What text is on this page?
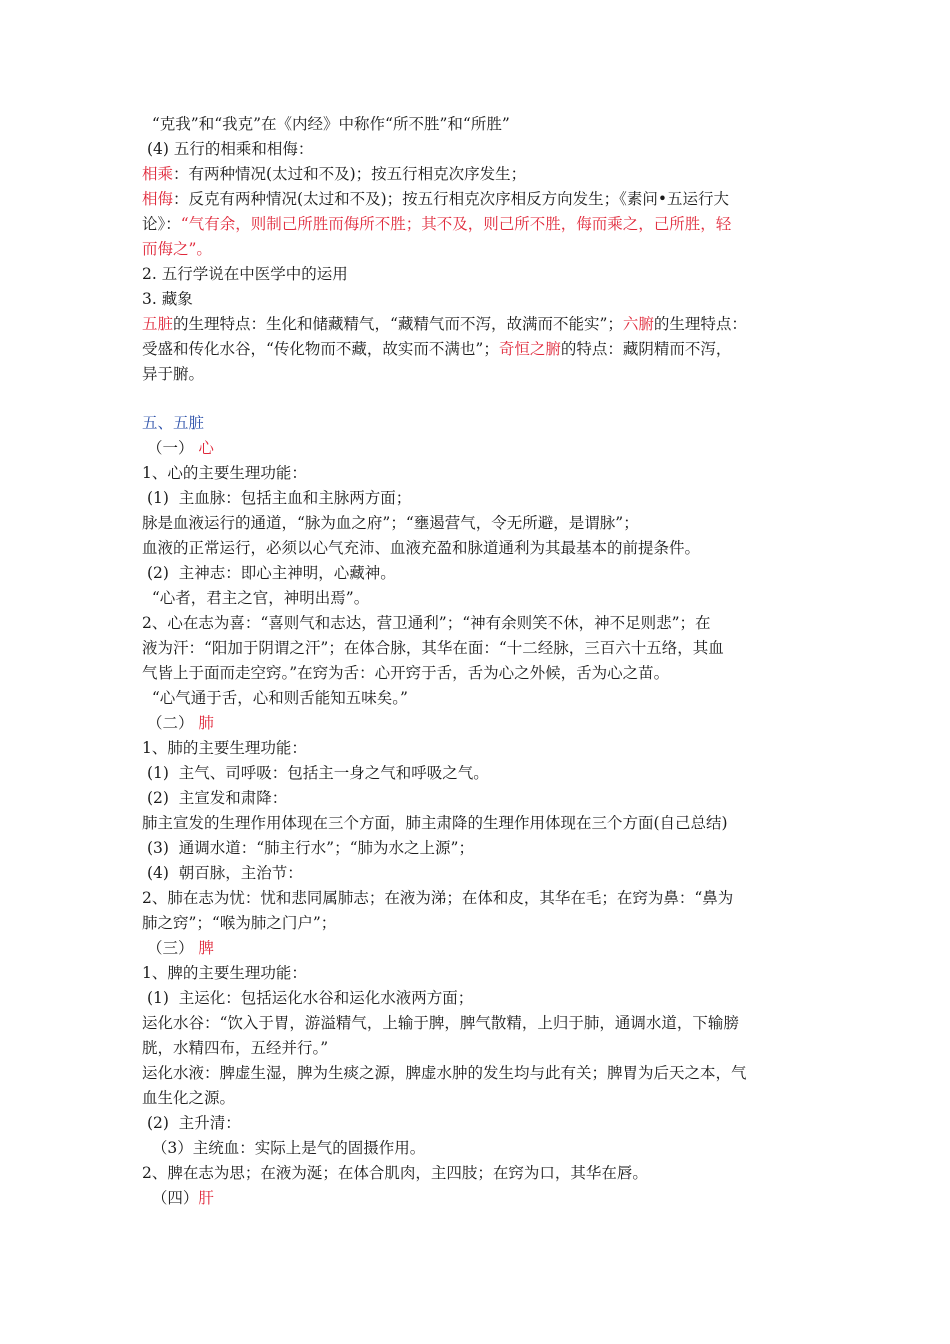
“克我”和“我克”在《内经》中称作“所不胜”和“所胜”

(4) 五行的相乘和相侮：

相乘：有两种情况(太过和不及)；按五行相克次序发生；

相侮：反克有两种情况(太过和不及)；按五行相克次序相反方向发生；《素问•五运行大

论》：“气有余，则制己所胜而侮所不胜；其不及，则己所不胜，侮而乘之，己所胜，轻

而侮之”。

2. 五行学说在中医学中的运用

3. 藏象

五脏的生理特点：生化和储藏精气，“藏精气而不泻，故满而不能实”；六腑的生理特点：

受盛和传化水谷，“传化物而不藏，故实而不满也”；奇恒之腑的特点：藏阴精而不泻，

异于腑。

五、五脏

（一） 心

1、心的主要生理功能：

(1)  主血脉：包括主血和主脉两方面；

脉是血液运行的通道，“脉为血之府”；“壅遏营气，令无所避，是谓脉”；

血液的正常运行，必须以心气充沛、血液充盈和脉道通利为其最基本的前提条件。

(2)  主神志：即心主神明，心藏神。

“心者，君主之官，神明出焉”。

2、心在志为喜：“喜则气和志达，营卫通利”；“神有余则笑不休，神不足则悲”；在

液为汗：“阳加于阴谓之汗”；在体合脉，其华在面：“十二经脉，三百六十五络，其血

气皆上于面而走空窍。”在窍为舌：心开窍于舌，舌为心之外候，舌为心之苗。

“心气通于舌，心和则舌能知五味矣。”

（二） 肺

1、肺的主要生理功能：

(1)  主气、司呼吸：包括主一身之气和呼吸之气。

(2)  主宣发和肃降：

肺主宣发的生理作用体现在三个方面，肺主肃降的生理作用体现在三个方面(自己总结)

(3)  通调水道：“肺主行水”；“肺为水之上源”；

(4)  朝百脉，主治节：

2、肺在志为忧：忧和悲同属肺志；在液为涕；在体和皮，其华在毛；在窍为鼻：“鼻为

肺之窍”；“喉为肺之门户”；

（三） 脾

1、脾的主要生理功能：

(1)  主运化：包括运化水谷和运化水液两方面；

运化水谷：“饮入于胃，游溢精气，上输于脾，脾气散精，上归于肺，通调水道，下输膀

胱，水精四布，五经并行。”

运化水液：脾虚生湿，脾为生痰之源，脾虚水肿的发生均与此有关；脾胃为后天之本，气

血生化之源。

(2)  主升清：

（3）主统血：实际上是气的固摄作用。

2、脾在志为思；在液为涎；在体合肌肉，主四肢；在窍为口，其华在唇。

（四）肝
